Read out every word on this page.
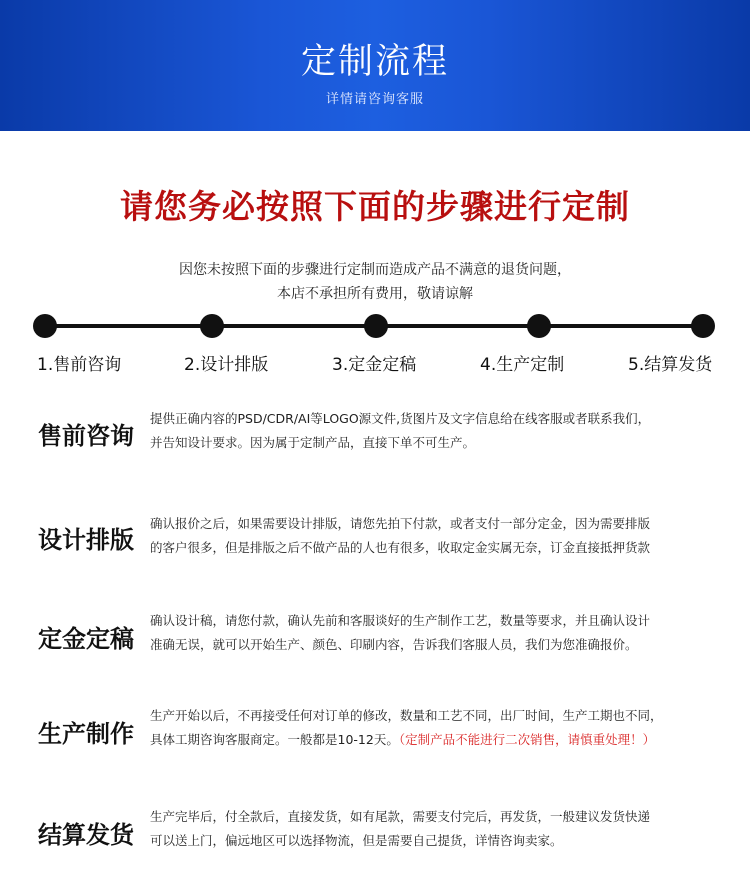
定制流程
详情请咨询客服
请您务必按照下面的步骤进行定制
因您未按照下面的步骤进行定制而造成产品不满意的退货问题，
本店不承担所有费用，敬请谅解
1.售前咨询	2.设计排版	3.定金定稿	4.生产定制	5.结算发货
售前咨询

提供正确内容的PSD/CDR/AI等LOGO源文件,货图片及文字信息给在线客服或者联系我们，

并告知设计要求。因为属于定制产品，直接下单不可生产。

设计排版

确认报价之后，如果需要设计排版，请您先拍下付款，或者支付一部分定金，因为需要排版

的客户很多，但是排版之后不做产品的人也有很多，收取定金实属无奈，订金直接抵押货款

定金定稿

确认设计稿，请您付款，确认先前和客服谈好的生产制作工艺，数量等要求，并且确认设计

准确无误，就可以开始生产、颜色、印刷内容，告诉我们客服人员，我们为您准确报价。

生产制作

生产开始以后，不再接受任何对订单的修改，数量和工艺不同，出厂时间，生产工期也不同，

具体工期咨询客服商定。一般都是10-12天。（定制产品不能进行二次销售，请慎重处理！）

结算发货

生产完毕后，付全款后，直接发货，如有尾款，需要支付完后，再发货，一般建议发货快递

可以送上门，偏远地区可以选择物流，但是需要自己提货，详情咨询卖家。
